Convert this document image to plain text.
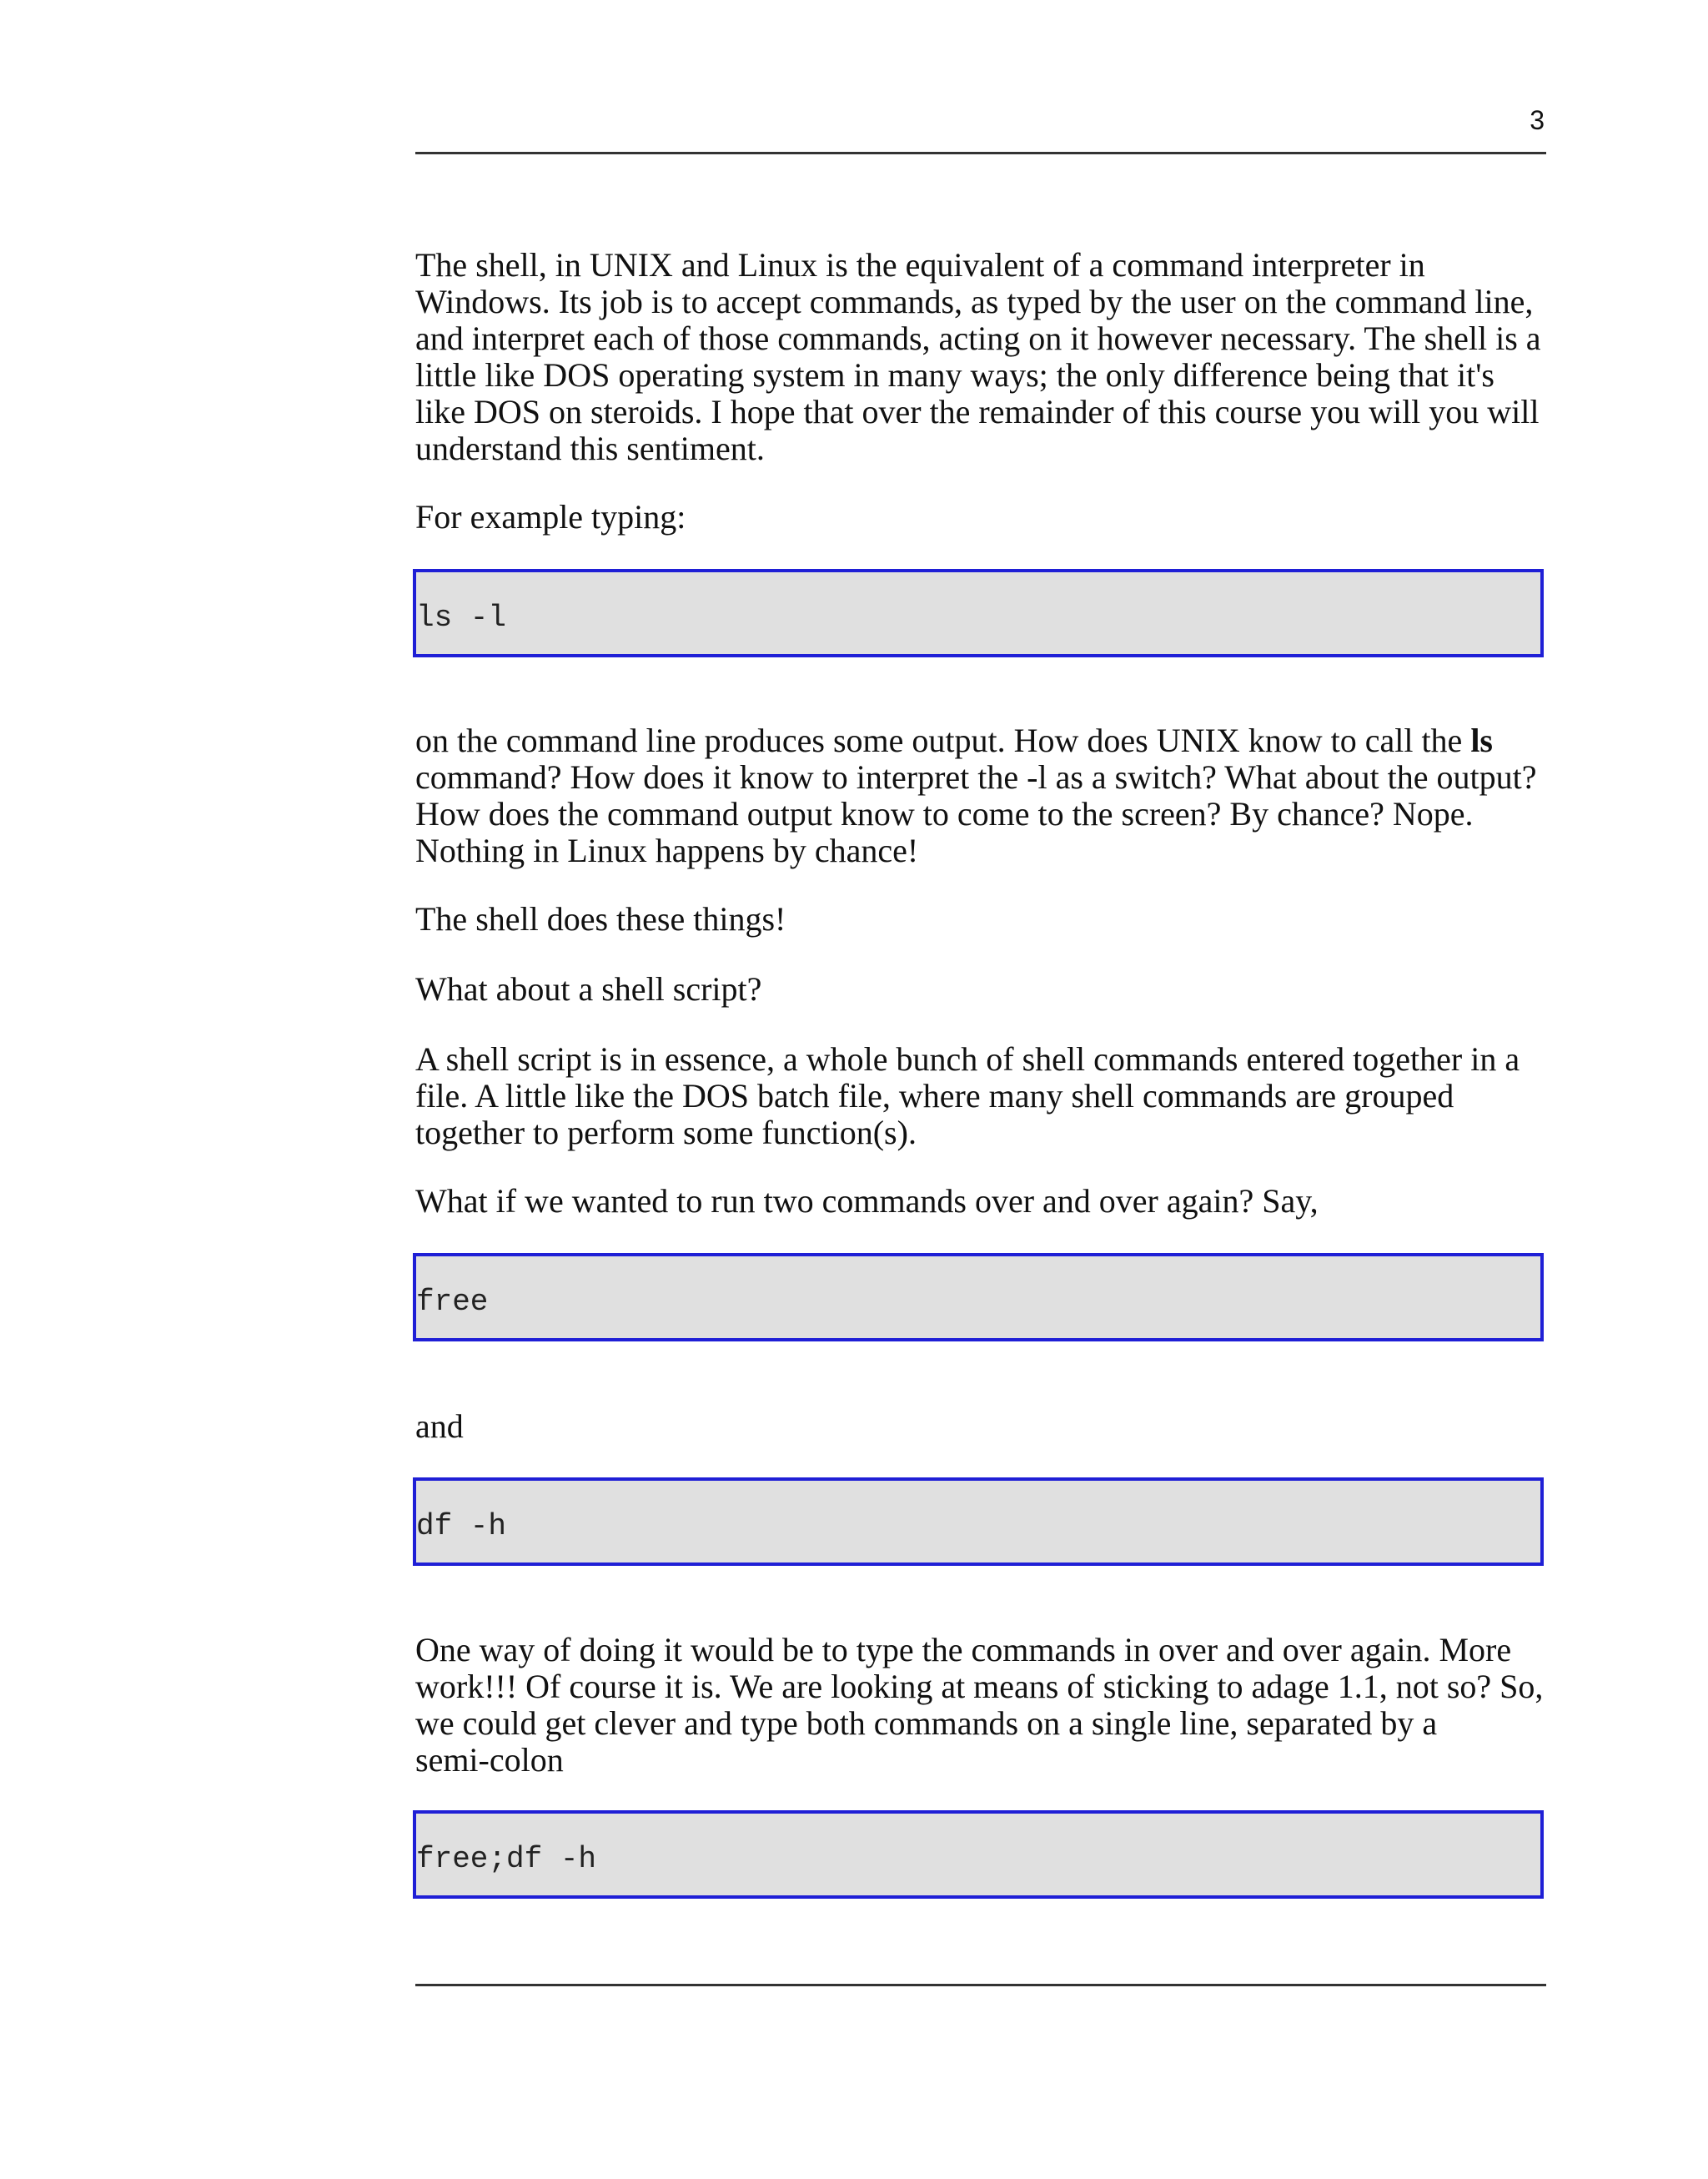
3

The shell, in UNIX and Linux is the equivalent of a command interpreter in
Windows. Its job is to accept commands, as typed by the user on the command line,
and interpret each of those commands, acting on it however necessary. The shell is a
little like DOS operating system in many ways; the only difference being that it's
like DOS on steroids. I hope that over the remainder of this course you will you will
understand this sentiment.

For example typing:

ls -l

on the command line produces some output. How does UNIX know to call the ls
command? How does it know to interpret the -l as a switch? What about the output?
How does the command output know to come to the screen? By chance? Nope.
Nothing in Linux happens by chance!

The shell does these things!

What about a shell script?

A shell script is in essence, a whole bunch of shell commands entered together in a
file. A little like the DOS batch file, where many shell commands are grouped
together to perform some function(s).

What if we wanted to run two commands over and over again? Say,

free

and

df -h

One way of doing it would be to type the commands in over and over again. More
work!!! Of course it is. We are looking at means of sticking to adage 1.1, not so? So,
we could get clever and type both commands on a single line, separated by a
semi-colon

free;df -h
